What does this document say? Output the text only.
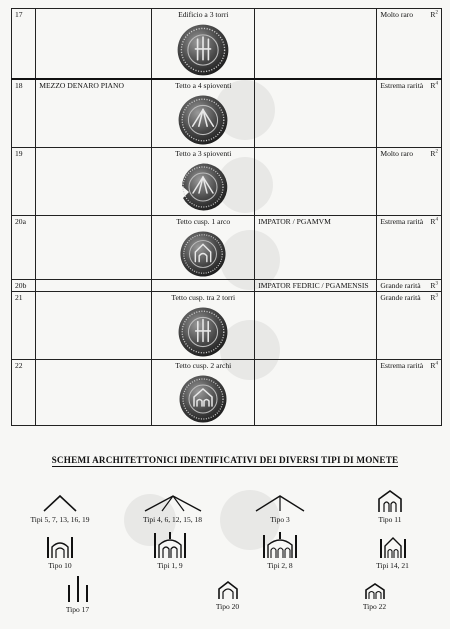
17		Edificio a 3 torri		Molto raro $R^2$

18	MEZZO DENARO PIANO	Tetto a 4 spioventi		Estrema rarità $R^4$

19		Tetto a 3 spioventi		Molto raro $R^2$

20a		Tetto cusp. 1 arco	IMPATOR / PGAMVM	Estrema rarità $R^4$

20b			IMPATOR FEDRIC / PGAMENSIS	Grande rarità $R^3$

21		Tetto cusp. tra 2 torri		Grande rarità $R^3$

22		Tetto cusp. 2 archi		Estrema rarità $R^4$
SCHEMI ARCHITETTONICI IDENTIFICATIVI DEI DIVERSI TIPI DI MONETE
Tipi 5, 7, 13, 16, 19	Tipi 4, 6, 12, 15, 18	Tipo 3	Tipo 11
Tipo 10	Tipi 1, 9	Tipi 2, 8	Tipi 14, 21
Tipo 17	Tipo 20	Tipo 22
